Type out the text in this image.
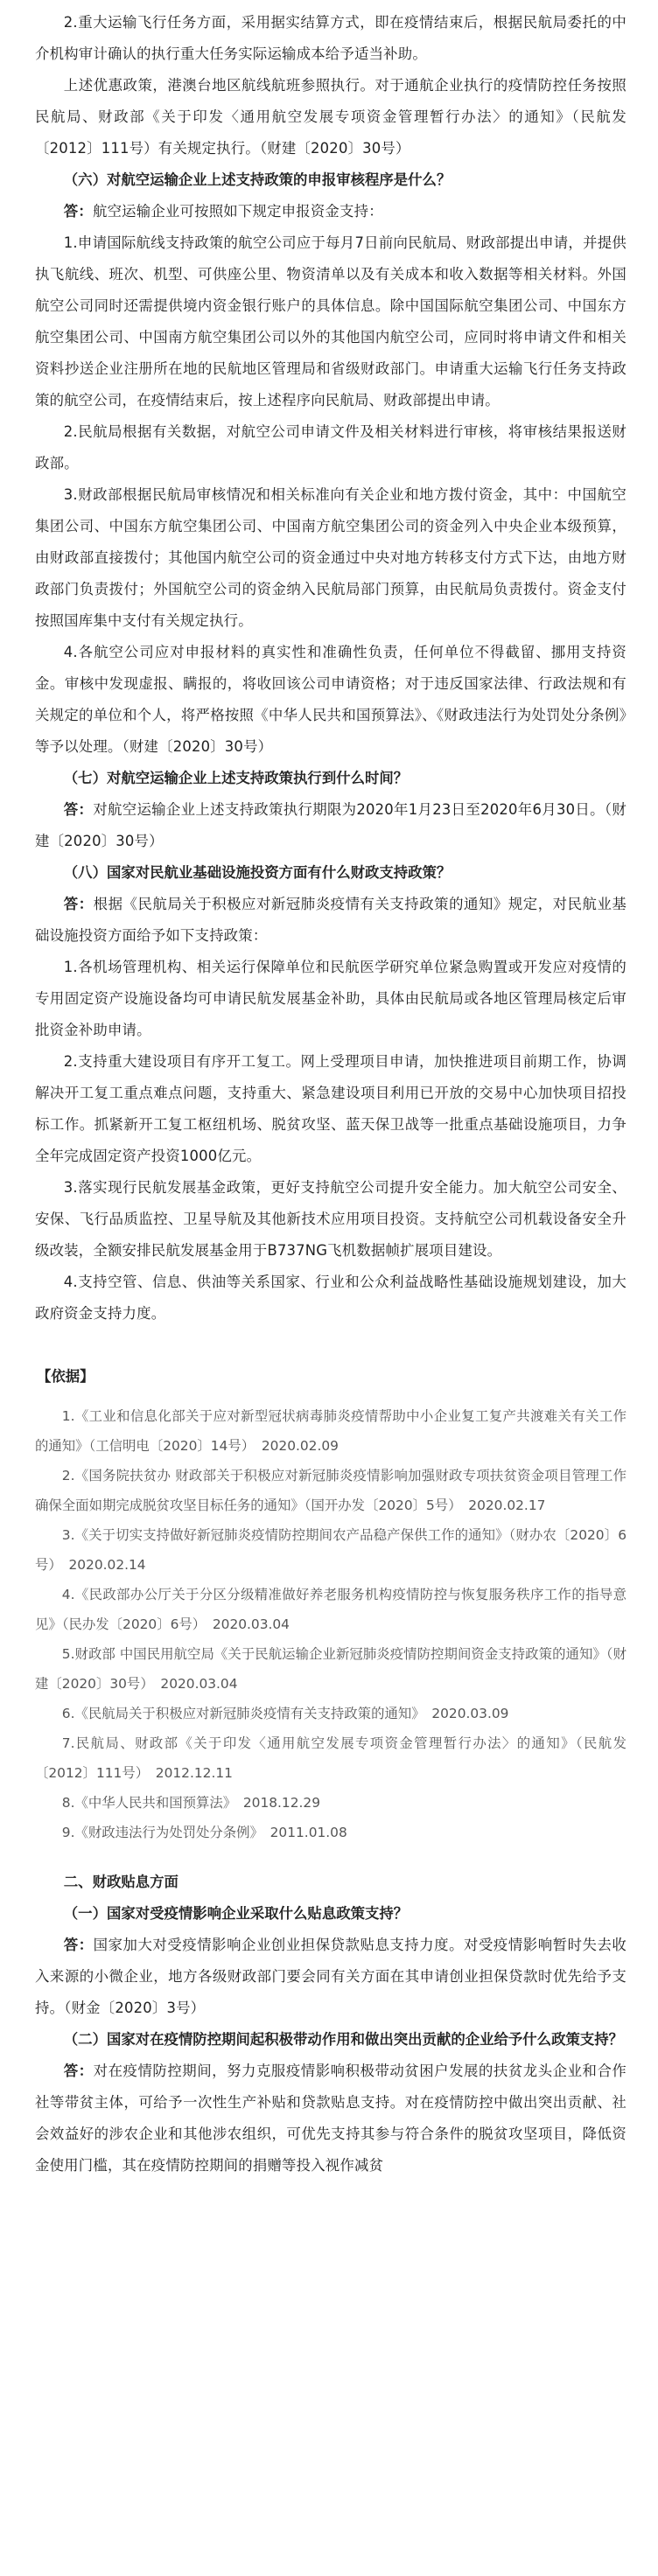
2.重大运输飞行任务方面，采用据实结算方式，即在疫情结束后，根据民航局委托的中介机构审计确认的执行重大任务实际运输成本给予适当补助。

上述优惠政策，港澳台地区航线航班参照执行。对于通航企业执行的疫情防控任务按照民航局、财政部《关于印发〈通用航空发展专项资金管理暂行办法〉的通知》（民航发〔2012〕111号）有关规定执行。（财建〔2020〕30号）

（六）对航空运输企业上述支持政策的申报审核程序是什么？

答：航空运输企业可按照如下规定申报资金支持：

1.申请国际航线支持政策的航空公司应于每月7日前向民航局、财政部提出申请，并提供执飞航线、班次、机型、可供座公里、物资清单以及有关成本和收入数据等相关材料。外国航空公司同时还需提供境内资金银行账户的具体信息。除中国国际航空集团公司、中国东方航空集团公司、中国南方航空集团公司以外的其他国内航空公司，应同时将申请文件和相关资料抄送企业注册所在地的民航地区管理局和省级财政部门。申请重大运输飞行任务支持政策的航空公司，在疫情结束后，按上述程序向民航局、财政部提出申请。

2.民航局根据有关数据，对航空公司申请文件及相关材料进行审核，将审核结果报送财政部。

3.财政部根据民航局审核情况和相关标准向有关企业和地方拨付资金，其中：中国航空集团公司、中国东方航空集团公司、中国南方航空集团公司的资金列入中央企业本级预算，由财政部直接拨付；其他国内航空公司的资金通过中央对地方转移支付方式下达，由地方财政部门负责拨付；外国航空公司的资金纳入民航局部门预算，由民航局负责拨付。资金支付按照国库集中支付有关规定执行。

4.各航空公司应对申报材料的真实性和准确性负责，任何单位不得截留、挪用支持资金。审核中发现虚报、瞒报的，将收回该公司申请资格；对于违反国家法律、行政法规和有关规定的单位和个人，将严格按照《中华人民共和国预算法》、《财政违法行为处罚处分条例》等予以处理。（财建〔2020〕30号）

（七）对航空运输企业上述支持政策执行到什么时间？

答：对航空运输企业上述支持政策执行期限为2020年1月23日至2020年6月30日。（财建〔2020〕30号）

（八）国家对民航业基础设施投资方面有什么财政支持政策？

答：根据《民航局关于积极应对新冠肺炎疫情有关支持政策的通知》规定，对民航业基础设施投资方面给予如下支持政策：

1.各机场管理机构、相关运行保障单位和民航医学研究单位紧急购置或开发应对疫情的专用固定资产设施设备均可申请民航发展基金补助，具体由民航局或各地区管理局核定后审批资金补助申请。

2.支持重大建设项目有序开工复工。网上受理项目申请，加快推进项目前期工作，协调解决开工复工重点难点问题，支持重大、紧急建设项目利用已开放的交易中心加快项目招投标工作。抓紧新开工复工枢纽机场、脱贫攻坚、蓝天保卫战等一批重点基础设施项目，力争全年完成固定资产投资1000亿元。

3.落实现行民航发展基金政策，更好支持航空公司提升安全能力。加大航空公司安全、安保、飞行品质监控、卫星导航及其他新技术应用项目投资。支持航空公司机载设备安全升级改装，全额安排民航发展基金用于B737NG飞机数据帧扩展项目建设。

4.支持空管、信息、供油等关系国家、行业和公众利益战略性基础设施规划建设，加大政府资金支持力度。

【依据】

1.《工业和信息化部关于应对新型冠状病毒肺炎疫情帮助中小企业复工复产共渡难关有关工作的通知》（工信明电〔2020〕14号）　2020.02.09

2.《国务院扶贫办 财政部关于积极应对新冠肺炎疫情影响加强财政专项扶贫资金项目管理工作确保全面如期完成脱贫攻坚目标任务的通知》（国开办发〔2020〕5号）　2020.02.17

3.《关于切实支持做好新冠肺炎疫情防控期间农产品稳产保供工作的通知》（财办农〔2020〕6号）　2020.02.14

4.《民政部办公厅关于分区分级精准做好养老服务机构疫情防控与恢复服务秩序工作的指导意见》（民办发〔2020〕6号）　2020.03.04

5.财政部 中国民用航空局《关于民航运输企业新冠肺炎疫情防控期间资金支持政策的通知》（财建〔2020〕30号）　2020.03.04

6.《民航局关于积极应对新冠肺炎疫情有关支持政策的通知》　2020.03.09

7.民航局、财政部《关于印发〈通用航空发展专项资金管理暂行办法〉的通知》（民航发〔2012〕111号）　2012.12.11

8.《中华人民共和国预算法》　2018.12.29

9.《财政违法行为处罚处分条例》　2011.01.08

二、财政贴息方面

（一）国家对受疫情影响企业采取什么贴息政策支持？

答：国家加大对受疫情影响企业创业担保贷款贴息支持力度。对受疫情影响暂时失去收入来源的小微企业，地方各级财政部门要会同有关方面在其申请创业担保贷款时优先给予支持。（财金〔2020〕3号）

（二）国家对在疫情防控期间起积极带动作用和做出突出贡献的企业给予什么政策支持？

答：对在疫情防控期间，努力克服疫情影响积极带动贫困户发展的扶贫龙头企业和合作社等带贫主体，可给予一次性生产补贴和贷款贴息支持。对在疫情防控中做出突出贡献、社会效益好的涉农企业和其他涉农组织，可优先支持其参与符合条件的脱贫攻坚项目，降低资金使用门槛，其在疫情防控期间的捐赠等投入视作减贫
